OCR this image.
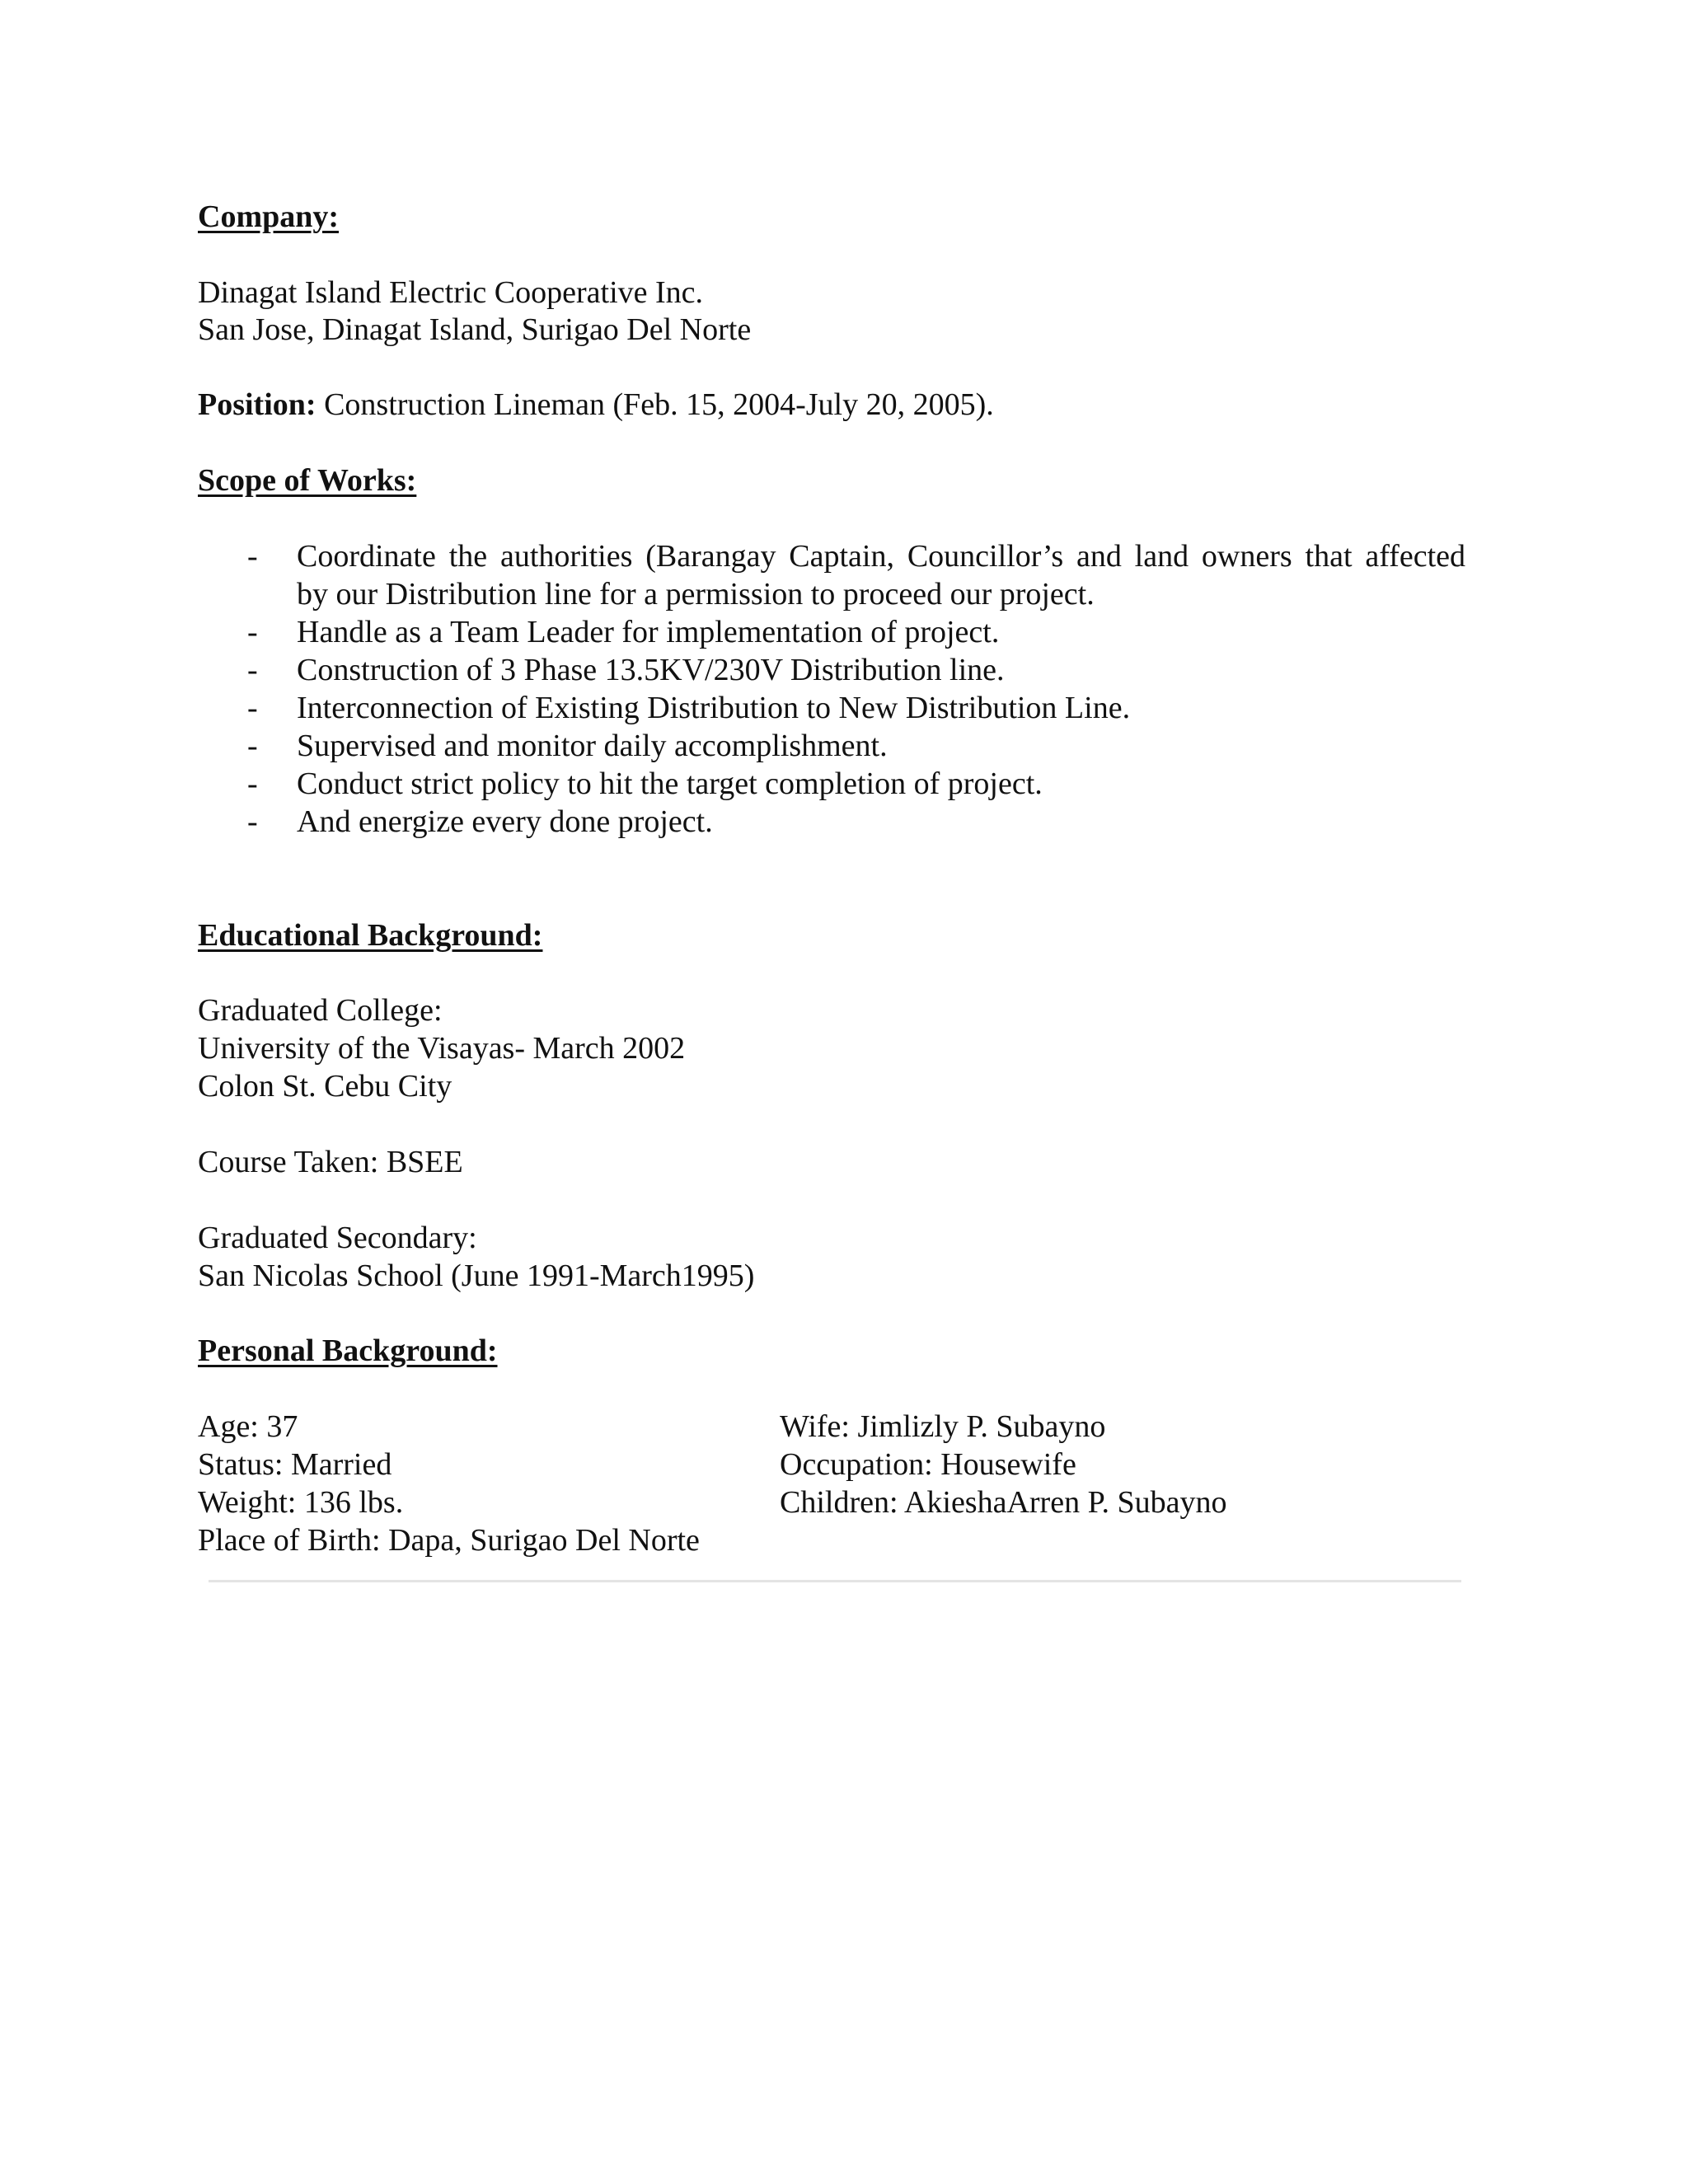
Company:
Dinagat Island Electric Cooperative Inc.
San Jose, Dinagat Island, Surigao Del Norte
Position: Construction Lineman (Feb. 15, 2004-July 20, 2005).
Scope of Works:
- Coordinate the authorities (Barangay Captain, Councillor’s and land owners that affected
by our Distribution line for a permission to proceed our project.
- Handle as a Team Leader for implementation of project.
- Construction of 3 Phase 13.5KV/230V Distribution line.
- Interconnection of Existing Distribution to New Distribution Line.
- Supervised and monitor daily accomplishment.
- Conduct strict policy to hit the target completion of project.
- And energize every done project.
Educational Background:
Graduated College:
University of the Visayas- March 2002
Colon St. Cebu City
Course Taken: BSEE
Graduated Secondary:
San Nicolas School (June 1991-March1995)
Personal Background:
Age: 37
Status: Married
Weight: 136 lbs.
Place of Birth: Dapa, Surigao Del Norte
Wife: Jimlizly P. Subayno
Occupation: Housewife
Children: AkieshaArren P. Subayno
